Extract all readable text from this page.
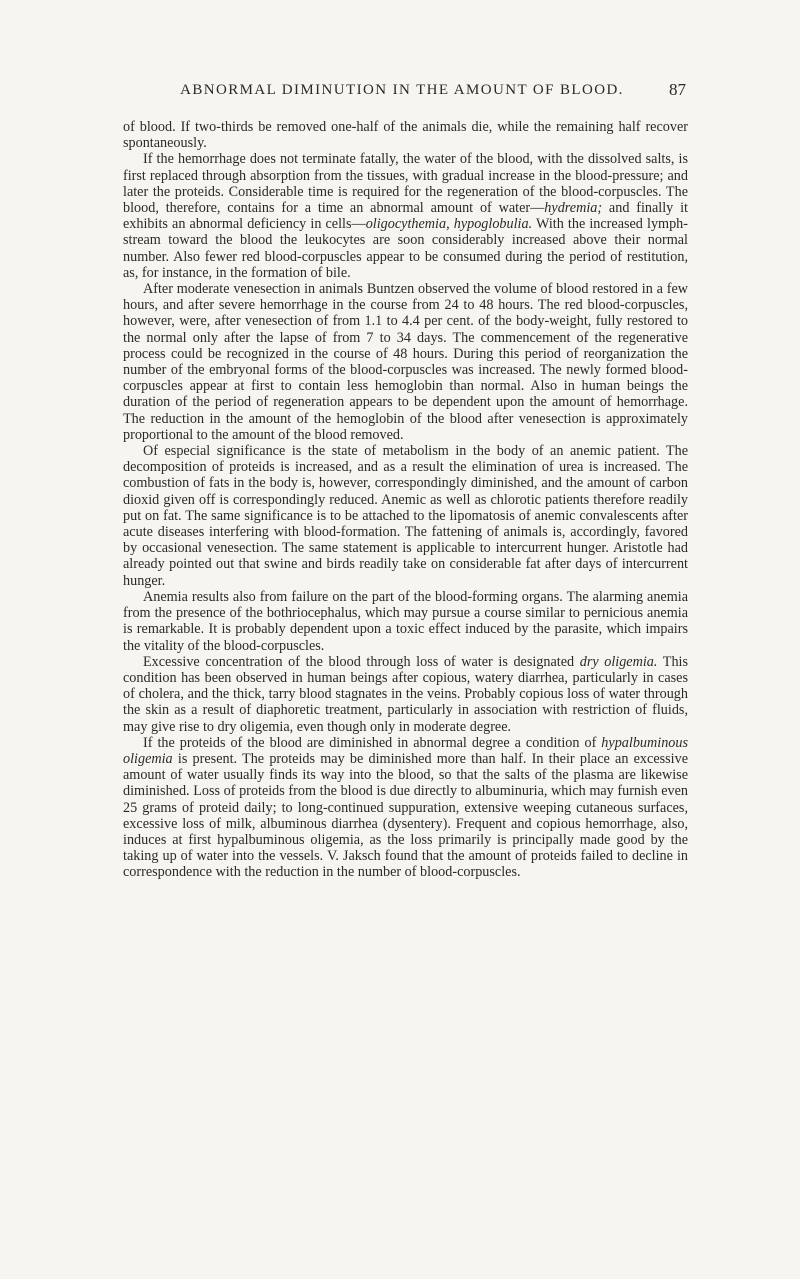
ABNORMAL DIMINUTION IN THE AMOUNT OF BLOOD.	87

of blood. If two-thirds be removed one-half of the animals die, while the remaining half recover spontaneously.

If the hemorrhage does not terminate fatally, the water of the blood, with the dissolved salts, is first replaced through absorption from the tissues, with gradual increase in the blood-pressure; and later the proteids. Considerable time is required for the regeneration of the blood-corpuscles. The blood, therefore, contains for a time an abnormal amount of water—hydremia; and finally it exhibits an abnormal deficiency in cells—oligocythemia, hypoglobulia. With the increased lymph-stream toward the blood the leukocytes are soon considerably increased above their normal number. Also fewer red blood-corpuscles appear to be consumed during the period of restitution, as, for instance, in the formation of bile.

After moderate venesection in animals Buntzen observed the volume of blood restored in a few hours, and after severe hemorrhage in the course from 24 to 48 hours. The red blood-corpuscles, however, were, after venesection of from 1.1 to 4.4 per cent. of the body-weight, fully restored to the normal only after the lapse of from 7 to 34 days. The commencement of the regenerative process could be recognized in the course of 48 hours. During this period of reorganization the number of the embryonal forms of the blood-corpuscles was increased. The newly formed blood-corpuscles appear at first to contain less hemoglobin than normal. Also in human beings the duration of the period of regeneration appears to be dependent upon the amount of hemorrhage. The reduction in the amount of the hemoglobin of the blood after venesection is approximately proportional to the amount of the blood removed.

Of especial significance is the state of metabolism in the body of an anemic patient. The decomposition of proteids is increased, and as a result the elimination of urea is increased. The combustion of fats in the body is, however, correspondingly diminished, and the amount of carbon dioxid given off is correspondingly reduced. Anemic as well as chlorotic patients therefore readily put on fat. The same significance is to be attached to the lipomatosis of anemic convalescents after acute diseases interfering with blood-formation. The fattening of animals is, accordingly, favored by occasional venesection. The same statement is applicable to intercurrent hunger. Aristotle had already pointed out that swine and birds readily take on considerable fat after days of intercurrent hunger.

Anemia results also from failure on the part of the blood-forming organs. The alarming anemia from the presence of the bothriocephalus, which may pursue a course similar to pernicious anemia is remarkable. It is probably dependent upon a toxic effect induced by the parasite, which impairs the vitality of the blood-corpuscles.

Excessive concentration of the blood through loss of water is designated dry oligemia. This condition has been observed in human beings after copious, watery diarrhea, particularly in cases of cholera, and the thick, tarry blood stagnates in the veins. Probably copious loss of water through the skin as a result of diaphoretic treatment, particularly in association with restriction of fluids, may give rise to dry oligemia, even though only in moderate degree.

If the proteids of the blood are diminished in abnormal degree a condition of hypalbuminous oligemia is present. The proteids may be diminished more than half. In their place an excessive amount of water usually finds its way into the blood, so that the salts of the plasma are likewise diminished. Loss of proteids from the blood is due directly to albuminuria, which may furnish even 25 grams of proteid daily; to long-continued suppuration, extensive weeping cutaneous surfaces, excessive loss of milk, albuminous diarrhea (dysentery). Frequent and copious hemorrhage, also, induces at first hypalbuminous oligemia, as the loss primarily is principally made good by the taking up of water into the vessels. V. Jaksch found that the amount of proteids failed to decline in correspondence with the reduction in the number of blood-corpuscles.
